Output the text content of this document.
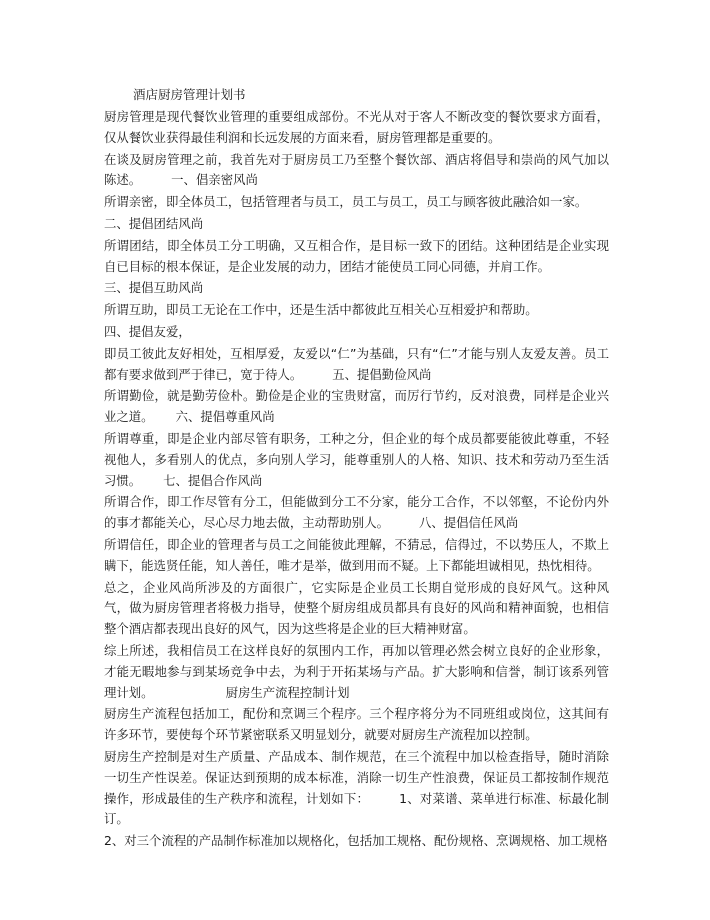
酒店厨房管理计划书

厨房管理是现代餐饮业管理的重要组成部份。不光从对于客人不断改变的餐饮要求方面看，仅从餐饮业获得最佳利润和长远发展的方面来看，厨房管理都是重要的。

在谈及厨房管理之前，我首先对于厨房员工乃至整个餐饮部、酒店将倡导和崇尚的风气加以陈述。 一、倡亲密风尚

所谓亲密，即全体员工，包括管理者与员工，员工与员工，员工与顾客彼此融洽如一家。

二、提倡团结风尚

所谓团结，即全体员工分工明确，又互相合作，是目标一致下的团结。这种团结是企业实现自已目标的根本保证，是企业发展的动力，团结才能使员工同心同德，并肩工作。

三、提倡互助风尚

所谓互助，即员工无论在工作中，还是生活中都彼此互相关心互相爱护和帮助。

四、提倡友爱，

即员工彼此友好相处，互相厚爱，友爱以“仁”为基础，只有“仁”才能与别人友爱友善。员工都有要求做到严于律已，宽于待人。 五、提倡勤俭风尚

所谓勤俭，就是勤劳俭朴。勤俭是企业的宝贵财富，而厉行节约，反对浪费，同样是企业兴业之道。 六、提倡尊重风尚

所谓尊重，即是企业内部尽管有职务，工种之分，但企业的每个成员都要能彼此尊重，不轻视他人，多看别人的优点，多向别人学习，能尊重别人的人格、知识、技术和劳动乃至生活习惯。 七、提倡合作风尚

所谓合作，即工作尽管有分工，但能做到分工不分家，能分工合作，不以邻壑，不论份内外的事才都能关心，尽心尽力地去做，主动帮助别人。 八、提倡信任风尚

所谓信任，即企业的管理者与员工之间能彼此理解，不猜忌，信得过，不以势压人，不欺上瞒下，能选贤任能，知人善任，唯才是举，做到用而不疑。上下都能坦诚相见，热忱相待。

总之，企业风尚所涉及的方面很广，它实际是企业员工长期自觉形成的良好风气。这种风气，做为厨房管理者将极力指导，使整个厨房组成员都具有良好的风尚和精神面貌，也相信整个酒店都表现出良好的风气，因为这些将是企业的巨大精神财富。

综上所述，我相信员工在这样良好的氛围内工作，再加以管理必然会树立良好的企业形象，才能无暇地参与到某场竞争中去，为利于开拓某场与产品。扩大影响和信誉，制订该系列管理计划。	厨房生产流程控制计划

厨房生产流程包括加工，配份和烹调三个程序。三个程序将分为不同班组或岗位，这其间有许多环节，要使每个环节紧密联系又明显划分，就要对厨房生产流程加以控制。

厨房生产控制是对生产质量、产品成本、制作规范，在三个流程中加以检查指导，随时消除一切生产性误差。保证达到预期的成本标准，消除一切生产性浪费，保证员工都按制作规范操作，形成最佳的生产秩序和流程，计划如下： 1、对菜谱、菜单进行标准、标最化制订。

2、对三个流程的产品制作标准加以规格化，包括加工规格、配份规格、烹调规格、加工规格
